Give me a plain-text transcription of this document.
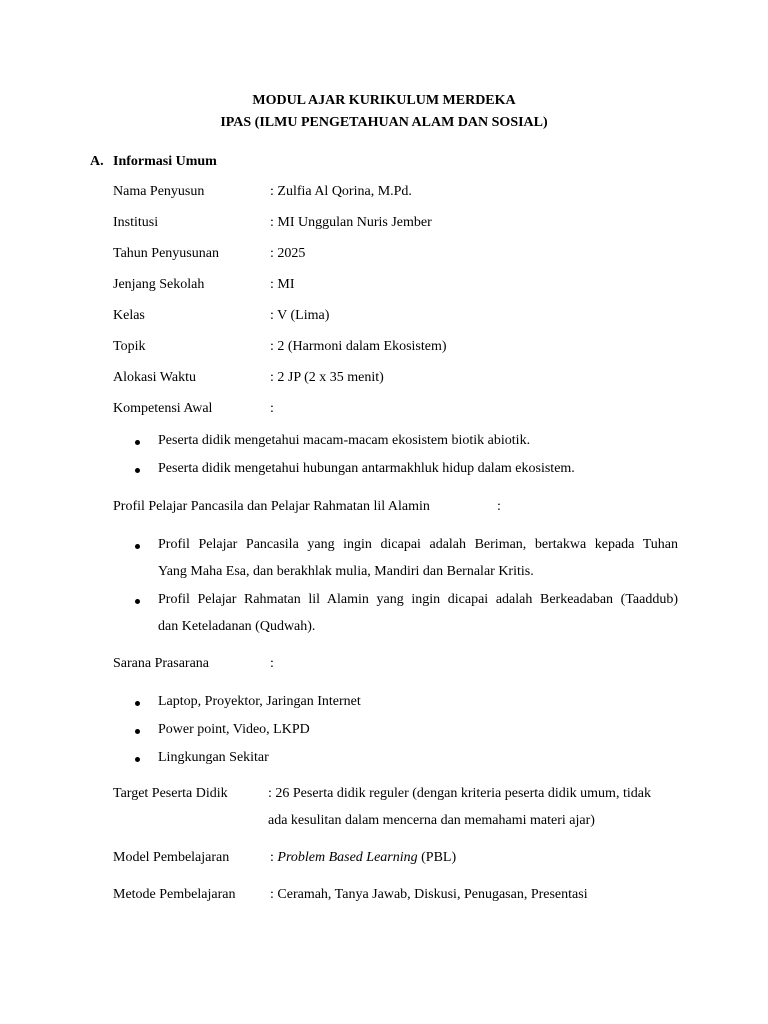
MODUL AJAR KURIKULUM MERDEKA
IPAS (ILMU PENGETAHUAN ALAM DAN SOSIAL)
A. Informasi Umum
Nama Penyusun	: Zulfia Al Qorina, M.Pd.
Institusi	: MI Unggulan Nuris Jember
Tahun Penyusunan	: 2025
Jenjang Sekolah	: MI
Kelas	: V (Lima)
Topik	: 2 (Harmoni dalam Ekosistem)
Alokasi Waktu	: 2 JP (2 x 35 menit)
Kompetensi Awal	:
Peserta didik mengetahui macam-macam ekosistem biotik abiotik.
Peserta didik mengetahui hubungan antarmakhluk hidup dalam ekosistem.
Profil Pelajar Pancasila dan Pelajar Rahmatan lil Alamin	:
Profil Pelajar Pancasila yang ingin dicapai adalah Beriman, bertakwa kepada Tuhan
Yang Maha Esa, dan berakhlak mulia, Mandiri dan Bernalar Kritis.
Profil Pelajar Rahmatan lil Alamin yang ingin dicapai adalah Berkeadaban (Taaddub)
dan Keteladanan (Qudwah).
Sarana Prasarana	:
Laptop, Proyektor, Jaringan Internet
Power point, Video, LKPD
Lingkungan Sekitar
Target Peserta Didik	: 26 Peserta didik reguler (dengan kriteria peserta didik umum, tidak
ada kesulitan dalam mencerna dan memahami materi ajar)
Model Pembelajaran	: Problem Based Learning (PBL)
Metode Pembelajaran : Ceramah, Tanya Jawab, Diskusi, Penugasan, Presentasi
